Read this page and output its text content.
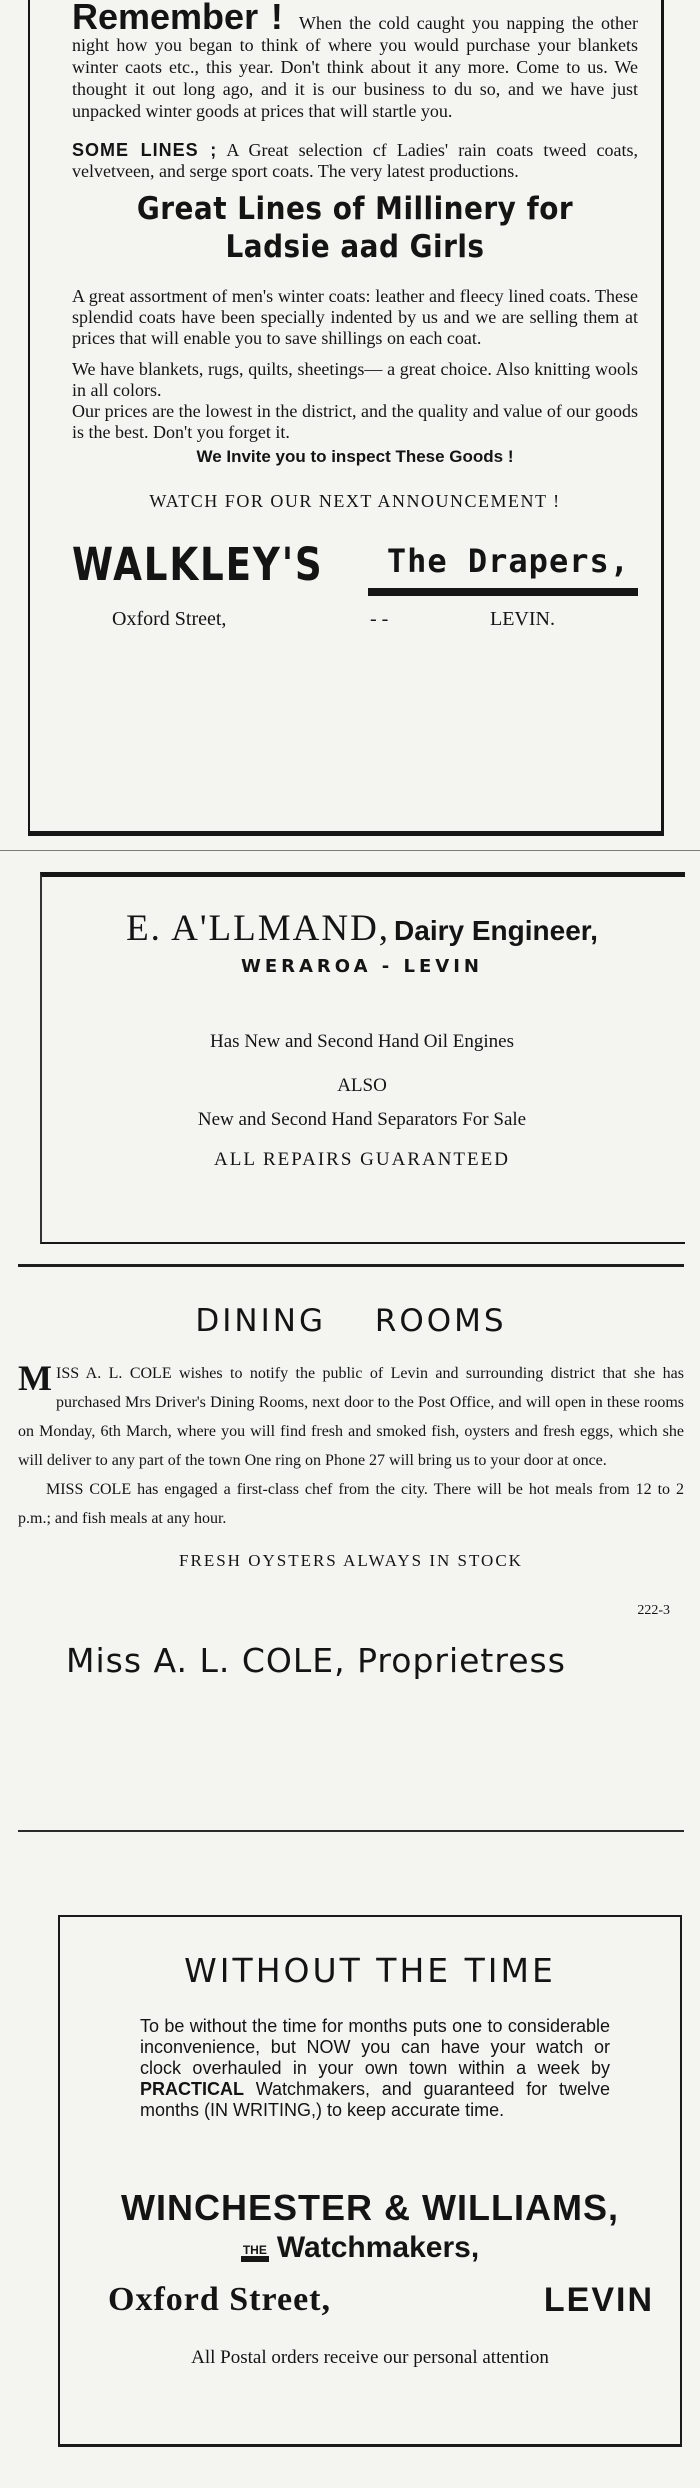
Remember ! When the cold caught you napping the other night how you began to think of where you would purchase your blankets winter caots etc., this year. Don't think about it any more. Come to us. We thought it out long ago, and it is our business to du so, and we have just unpacked winter goods at prices that will startle you.

SOME LINES ; A Great selection cf Ladies' rain coats tweed coats, velvetveen, and serge sport coats. The very latest productions.

Great Lines of Millinery for Ladsie aad Girls

A great assortment of men's winter coats: leather and fleecy lined coats. These splendid coats have been specially indented by us and we are selling them at prices that will enable you to save shillings on each coat.

We have blankets, rugs, quilts, sheetings— a great choice. Also knitting wools in all colors.

Our prices are the lowest in the district, and the quality and value of our goods is the best. Don't you forget it.

We Invite you to inspect These Goods !
WATCH FOR OUR NEXT ANNOUNCEMENT !
WALKLEY'S The Drapers,
Oxford Street,	- -	LEVIN.
E. A'LLMAND, Dairy Engineer,
WERAROA - LEVIN
Has New and Second Hand Oil Engines
ALSO
New and Second Hand Separators For Sale
ALL REPAIRS GUARANTEED
DINING ROOMS

MISS A. L. COLE wishes to notify the public of Levin and surrounding district that she has purchased Mrs Driver's Dining Rooms, next door to the Post Office, and will open in these rooms on Monday, 6th March, where you will find fresh and smoked fish, oysters and fresh eggs, which she will deliver to any part of the town One ring on Phone 27 will bring us to your door at once.

MISS COLE has engaged a first-class chef from the city. There will be hot meals from 12 to 2 p.m.; and fish meals at any hour.

222-3
FRESH OYSTERS ALWAYS IN STOCK
Miss A. L. COLE, Proprietress
WITHOUT THE TIME

To be without the time for months puts one to considerable inconvenience, but NOW you can have your watch or clock overhauled in your own town within a week by PRACTICAL Watchmakers, and guaranteed for twelve months (IN WRITING,) to keep accurate time.

WINCHESTER & WILLIAMS,
THE Watchmakers,
Oxford Street,	LEVIN
All Postal orders receive our personal attention
